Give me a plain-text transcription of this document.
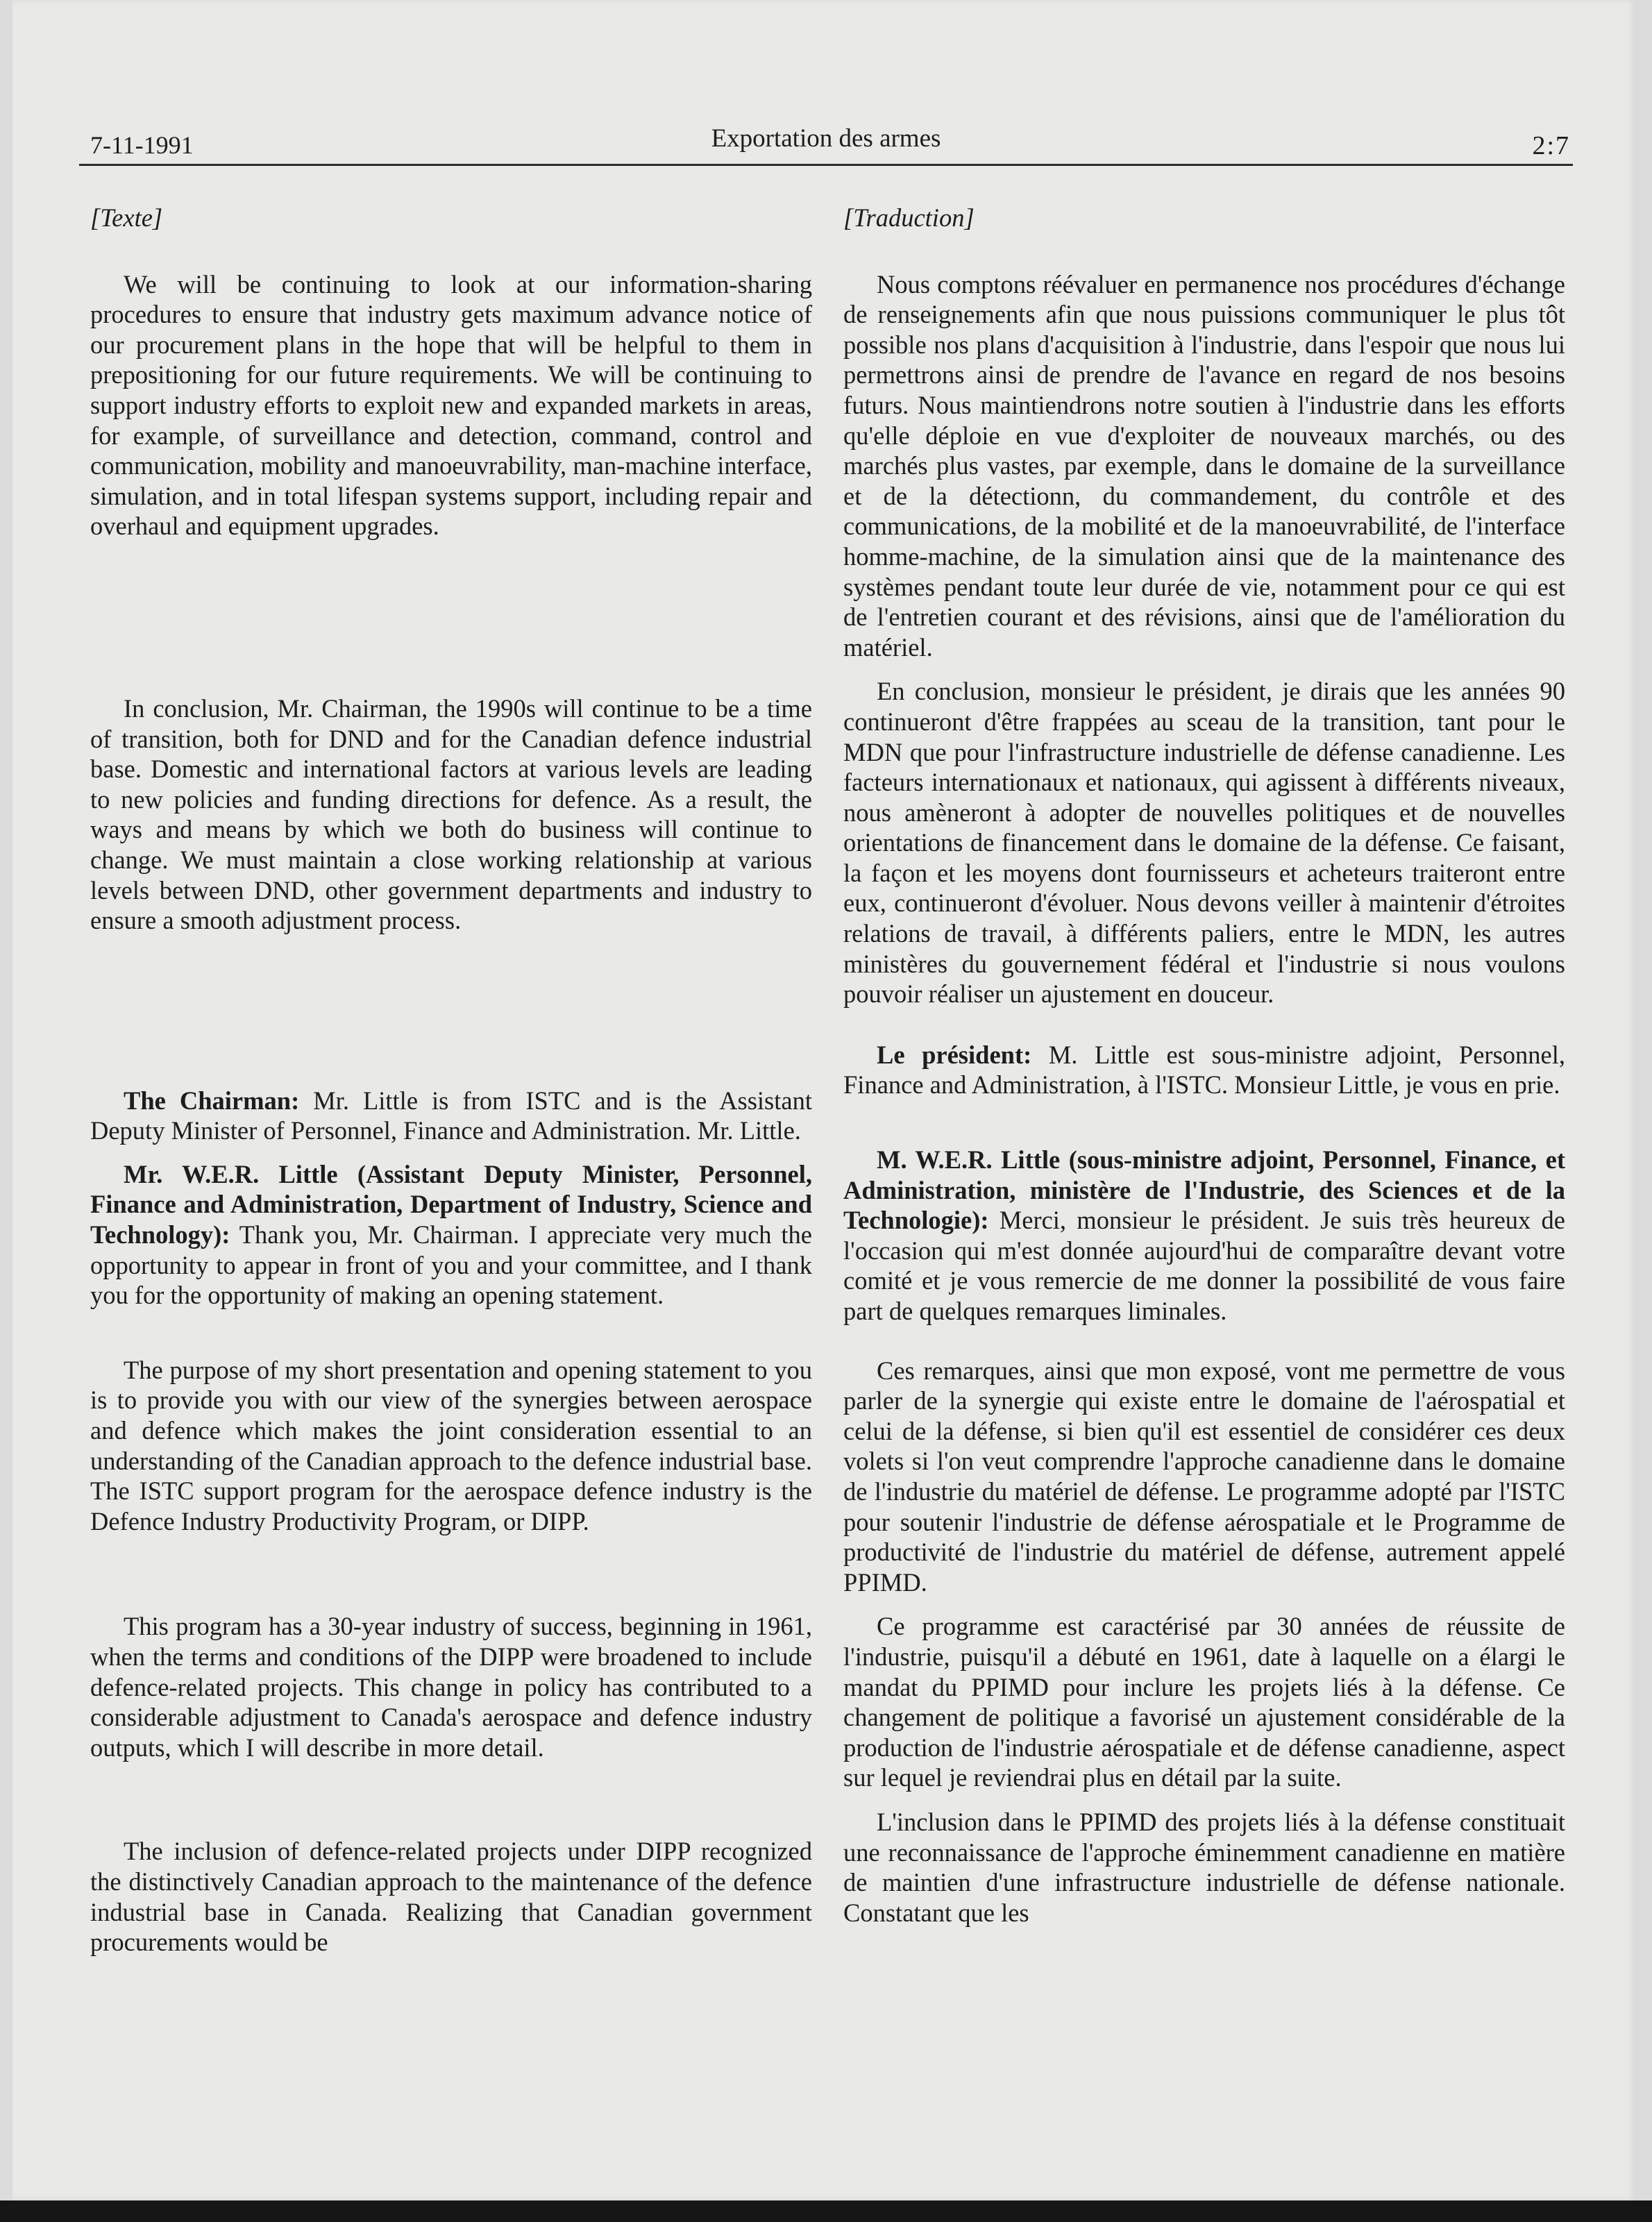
7-11-1991	Exportation des armes	2:7

[Texte]

We will be continuing to look at our information-sharing procedures to ensure that industry gets maximum advance notice of our procurement plans in the hope that will be helpful to them in prepositioning for our future requirements. We will be continuing to support industry efforts to exploit new and expanded markets in areas, for example, of surveillance and detection, command, control and communication, mobility and manoeuvrability, man-machine interface, simulation, and in total lifespan systems support, including repair and overhaul and equipment upgrades.

In conclusion, Mr. Chairman, the 1990s will continue to be a time of transition, both for DND and for the Canadian defence industrial base. Domestic and international factors at various levels are leading to new policies and funding directions for defence. As a result, the ways and means by which we both do business will continue to change. We must maintain a close working relationship at various levels between DND, other government departments and industry to ensure a smooth adjustment process.

The Chairman: Mr. Little is from ISTC and is the Assistant Deputy Minister of Personnel, Finance and Administration. Mr. Little.

Mr. W.E.R. Little (Assistant Deputy Minister, Personnel, Finance and Administration, Department of Industry, Science and Technology): Thank you, Mr. Chairman. I appreciate very much the opportunity to appear in front of you and your committee, and I thank you for the opportunity of making an opening statement.

The purpose of my short presentation and opening statement to you is to provide you with our view of the synergies between aerospace and defence which makes the joint consideration essential to an understanding of the Canadian approach to the defence industrial base. The ISTC support program for the aerospace defence industry is the Defence Industry Productivity Program, or DIPP.

This program has a 30-year industry of success, beginning in 1961, when the terms and conditions of the DIPP were broadened to include defence-related projects. This change in policy has contributed to a considerable adjustment to Canada's aerospace and defence industry outputs, which I will describe in more detail.

The inclusion of defence-related projects under DIPP recognized the distinctively Canadian approach to the maintenance of the defence industrial base in Canada. Realizing that Canadian government procurements would be

[Traduction]

Nous comptons réévaluer en permanence nos procédures d'échange de renseignements afin que nous puissions communiquer le plus tôt possible nos plans d'acquisition à l'industrie, dans l'espoir que nous lui permettrons ainsi de prendre de l'avance en regard de nos besoins futurs. Nous maintiendrons notre soutien à l'industrie dans les efforts qu'elle déploie en vue d'exploiter de nouveaux marchés, ou des marchés plus vastes, par exemple, dans le domaine de la surveillance et de la détectionn, du commandement, du contrôle et des communications, de la mobilité et de la manoeuvrabilité, de l'interface homme-machine, de la simulation ainsi que de la maintenance des systèmes pendant toute leur durée de vie, notamment pour ce qui est de l'entretien courant et des révisions, ainsi que de l'amélioration du matériel.

En conclusion, monsieur le président, je dirais que les années 90 continueront d'être frappées au sceau de la transition, tant pour le MDN que pour l'infrastructure industrielle de défense canadienne. Les facteurs internationaux et nationaux, qui agissent à différents niveaux, nous amèneront à adopter de nouvelles politiques et de nouvelles orientations de financement dans le domaine de la défense. Ce faisant, la façon et les moyens dont fournisseurs et acheteurs traiteront entre eux, continueront d'évoluer. Nous devons veiller à maintenir d'étroites relations de travail, à différents paliers, entre le MDN, les autres ministères du gouvernement fédéral et l'industrie si nous voulons pouvoir réaliser un ajustement en douceur.

Le président: M. Little est sous-ministre adjoint, Personnel, Finance and Administration, à l'ISTC. Monsieur Little, je vous en prie.

M. W.E.R. Little (sous-ministre adjoint, Personnel, Finance, et Administration, ministère de l'Industrie, des Sciences et de la Technologie): Merci, monsieur le président. Je suis très heureux de l'occasion qui m'est donnée aujourd'hui de comparaître devant votre comité et je vous remercie de me donner la possibilité de vous faire part de quelques remarques liminales.

Ces remarques, ainsi que mon exposé, vont me permettre de vous parler de la synergie qui existe entre le domaine de l'aérospatial et celui de la défense, si bien qu'il est essentiel de considérer ces deux volets si l'on veut comprendre l'approche canadienne dans le domaine de l'industrie du matériel de défense. Le programme adopté par l'ISTC pour soutenir l'industrie de défense aérospatiale et le Programme de productivité de l'industrie du matériel de défense, autrement appelé PPIMD.

Ce programme est caractérisé par 30 années de réussite de l'industrie, puisqu'il a débuté en 1961, date à laquelle on a élargi le mandat du PPIMD pour inclure les projets liés à la défense. Ce changement de politique a favorisé un ajustement considérable de la production de l'industrie aérospatiale et de défense canadienne, aspect sur lequel je reviendrai plus en détail par la suite.

L'inclusion dans le PPIMD des projets liés à la défense constituait une reconnaissance de l'approche éminemment canadienne en matière de maintien d'une infrastructure industrielle de défense nationale. Constatant que les
